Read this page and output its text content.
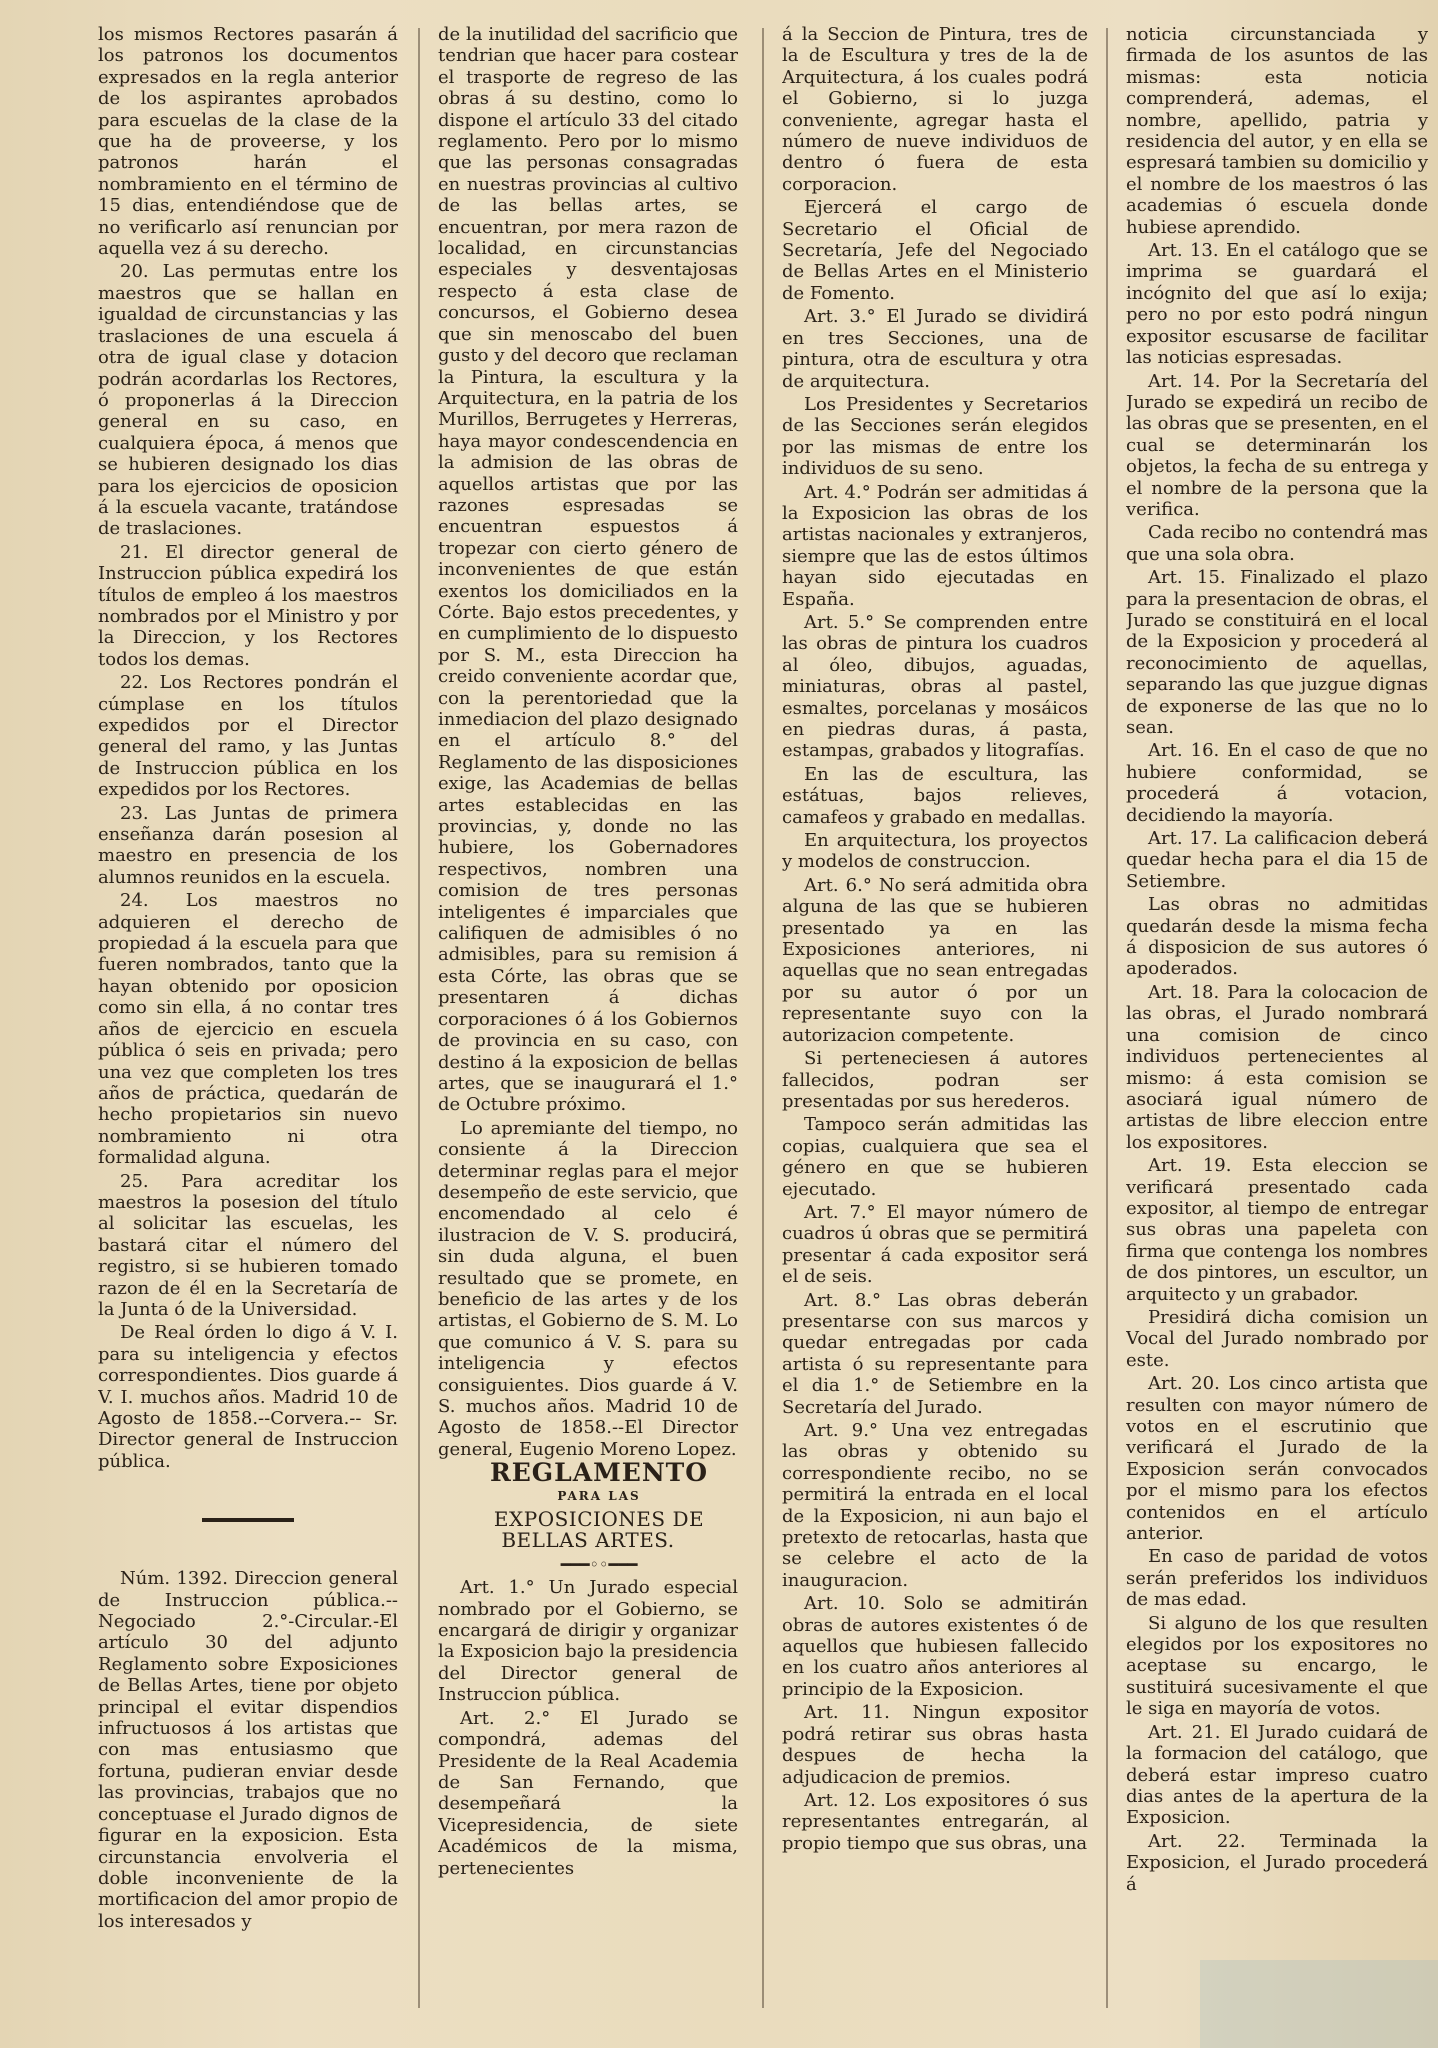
los mismos Rectores pasarán á los patronos los documentos expresados en la regla anterior de los aspirantes aprobados para escuelas de la clase de la que ha de proveerse, y los patronos harán el nombramiento en el término de 15 dias, entendiéndose que de no verificarlo así renuncian por aquella vez á su derecho.

20. Las permutas entre los maestros que se hallan en igualdad de circunstancias y las traslaciones de una escuela á otra de igual clase y dotacion podrán acordarlas los Rectores, ó proponerlas á la Direccion general en su caso, en cualquiera época, á menos que se hubieren designado los dias para los ejercicios de oposicion á la escuela vacante, tratándose de traslaciones.

21. El director general de Instruccion pública expedirá los títulos de empleo á los maestros nombrados por el Ministro y por la Direccion, y los Rectores todos los demas.

22. Los Rectores pondrán el cúmplase en los títulos expedidos por el Director general del ramo, y las Juntas de Instruccion pública en los expedidos por los Rectores.

23. Las Juntas de primera enseñanza darán posesion al maestro en presencia de los alumnos reunidos en la escuela.

24. Los maestros no adquieren el derecho de propiedad á la escuela para que fueren nombrados, tanto que la hayan obtenido por oposicion como sin ella, á no contar tres años de ejercicio en escuela pública ó seis en privada; pero una vez que completen los tres años de práctica, quedarán de hecho propietarios sin nuevo nombramiento ni otra formalidad alguna.

25. Para acreditar los maestros la posesion del título al solicitar las escuelas, les bastará citar el número del registro, si se hubieren tomado razon de él en la Secretaría de la Junta ó de la Universidad.

De Real órden lo digo á V. I. para su inteligencia y efectos correspondientes. Dios guarde á V. I. muchos años. Madrid 10 de Agosto de 1858.--Corvera.-- Sr. Director general de Instruccion pública.

Núm. 1392. Direccion general de Instruccion pública.--Negociado 2.°-Circular.-El artículo 30 del adjunto Reglamento sobre Exposiciones de Bellas Artes, tiene por objeto principal el evitar dispendios infructuosos á los artistas que con mas entusiasmo que fortuna, pudieran enviar desde las provincias, trabajos que no conceptuase el Jurado dignos de figurar en la exposicion. Esta circunstancia envolveria el doble inconveniente de la mortificacion del amor propio de los interesados y

de la inutilidad del sacrificio que tendrian que hacer para costear el trasporte de regreso de las obras á su destino, como lo dispone el artículo 33 del citado reglamento. Pero por lo mismo que las personas consagradas en nuestras provincias al cultivo de las bellas artes, se encuentran, por mera razon de localidad, en circunstancias especiales y desventajosas respecto á esta clase de concursos, el Gobierno desea que sin menoscabo del buen gusto y del decoro que reclaman la Pintura, la escultura y la Arquitectura, en la patria de los Murillos, Berrugetes y Herreras, haya mayor condescendencia en la admision de las obras de aquellos artistas que por las razones espresadas se encuentran espuestos á tropezar con cierto género de inconvenientes de que están exentos los domiciliados en la Córte. Bajo estos precedentes, y en cumplimiento de lo dispuesto por S. M., esta Direccion ha creido conveniente acordar que, con la perentoriedad que la inmediacion del plazo designado en el artículo 8.° del Reglamento de las disposiciones exige, las Academias de bellas artes establecidas en las provincias, y, donde no las hubiere, los Gobernadores respectivos, nombren una comision de tres personas inteligentes é imparciales que califiquen de admisibles ó no admisibles, para su remision á esta Córte, las obras que se presentaren á dichas corporaciones ó á los Gobiernos de provincia en su caso, con destino á la exposicion de bellas artes, que se inaugurará el 1.° de Octubre próximo.

Lo apremiante del tiempo, no consiente á la Direccion determinar reglas para el mejor desempeño de este servicio, que encomendado al celo é ilustracion de V. S. producirá, sin duda alguna, el buen resultado que se promete, en beneficio de las artes y de los artistas, el Gobierno de S. M. Lo que comunico á V. S. para su inteligencia y efectos consiguientes. Dios guarde á V. S. muchos años. Madrid 10 de Agosto de 1858.--El Director general, Eugenio Moreno Lopez.

REGLAMENTO

PARA LAS

EXPOSICIONES DE BELLAS ARTES.

━━━◦◦━━━

Art. 1.° Un Jurado especial nombrado por el Gobierno, se encargará de dirigir y organizar la Exposicion bajo la presidencia del Director general de Instruccion pública.

Art. 2.° El Jurado se compondrá, ademas del Presidente de la Real Academia de San Fernando, que desempeñará la Vicepresidencia, de siete Académicos de la misma, pertenecientes

á la Seccion de Pintura, tres de la de Escultura y tres de la de Arquitectura, á los cuales podrá el Gobierno, si lo juzga conveniente, agregar hasta el número de nueve individuos de dentro ó fuera de esta corporacion.

Ejercerá el cargo de Secretario el Oficial de Secretaría, Jefe del Negociado de Bellas Artes en el Ministerio de Fomento.

Art. 3.° El Jurado se dividirá en tres Secciones, una de pintura, otra de escultura y otra de arquitectura.

Los Presidentes y Secretarios de las Secciones serán elegidos por las mismas de entre los individuos de su seno.

Art. 4.° Podrán ser admitidas á la Exposicion las obras de los artistas nacionales y extranjeros, siempre que las de estos últimos hayan sido ejecutadas en España.

Art. 5.° Se comprenden entre las obras de pintura los cuadros al óleo, dibujos, aguadas, miniaturas, obras al pastel, esmaltes, porcelanas y mosáicos en piedras duras, á pasta, estampas, grabados y litografías.

En las de escultura, las estátuas, bajos relieves, camafeos y grabado en medallas.

En arquitectura, los proyectos y modelos de construccion.

Art. 6.° No será admitida obra alguna de las que se hubieren presentado ya en las Exposiciones anteriores, ni aquellas que no sean entregadas por su autor ó por un representante suyo con la autorizacion competente.

Si perteneciesen á autores fallecidos, podran ser presentadas por sus herederos.

Tampoco serán admitidas las copias, cualquiera que sea el género en que se hubieren ejecutado.

Art. 7.° El mayor número de cuadros ú obras que se permitirá presentar á cada expositor será el de seis.

Art. 8.° Las obras deberán presentarse con sus marcos y quedar entregadas por cada artista ó su representante para el dia 1.° de Setiembre en la Secretaría del Jurado.

Art. 9.° Una vez entregadas las obras y obtenido su correspondiente recibo, no se permitirá la entrada en el local de la Exposicion, ni aun bajo el pretexto de retocarlas, hasta que se celebre el acto de la inauguracion.

Art. 10. Solo se admitirán obras de autores existentes ó de aquellos que hubiesen fallecido en los cuatro años anteriores al principio de la Exposicion.

Art. 11. Ningun expositor podrá retirar sus obras hasta despues de hecha la adjudicacion de premios.

Art. 12. Los expositores ó sus representantes entregarán, al propio tiempo que sus obras, una

noticia circunstanciada y firmada de los asuntos de las mismas: esta noticia comprenderá, ademas, el nombre, apellido, patria y residencia del autor, y en ella se espresará tambien su domicilio y el nombre de los maestros ó las academias ó escuela donde hubiese aprendido.

Art. 13. En el catálogo que se imprima se guardará el incógnito del que así lo exija; pero no por esto podrá ningun expositor escusarse de facilitar las noticias espresadas.

Art. 14. Por la Secretaría del Jurado se expedirá un recibo de las obras que se presenten, en el cual se determinarán los objetos, la fecha de su entrega y el nombre de la persona que la verifica.

Cada recibo no contendrá mas que una sola obra.

Art. 15. Finalizado el plazo para la presentacion de obras, el Jurado se constituirá en el local de la Exposicion y procederá al reconocimiento de aquellas, separando las que juzgue dignas de exponerse de las que no lo sean.

Art. 16. En el caso de que no hubiere conformidad, se procederá á votacion, decidiendo la mayoría.

Art. 17. La calificacion deberá quedar hecha para el dia 15 de Setiembre.

Las obras no admitidas quedarán desde la misma fecha á disposicion de sus autores ó apoderados.

Art. 18. Para la colocacion de las obras, el Jurado nombrará una comision de cinco individuos pertenecientes al mismo: á esta comision se asociará igual número de artistas de libre eleccion entre los expositores.

Art. 19. Esta eleccion se verificará presentado cada expositor, al tiempo de entregar sus obras una papeleta con firma que contenga los nombres de dos pintores, un escultor, un arquitecto y un grabador.

Presidirá dicha comision un Vocal del Jurado nombrado por este.

Art. 20. Los cinco artista que resulten con mayor número de votos en el escrutinio que verificará el Jurado de la Exposicion serán convocados por el mismo para los efectos contenidos en el artículo anterior.

En caso de paridad de votos serán preferidos los individuos de mas edad.

Si alguno de los que resulten elegidos por los expositores no aceptase su encargo, le sustituirá sucesivamente el que le siga en mayoría de votos.

Art. 21. El Jurado cuidará de la formacion del catálogo, que deberá estar impreso cuatro dias antes de la apertura de la Exposicion.

Art. 22. Terminada la Exposicion, el Jurado procederá á
